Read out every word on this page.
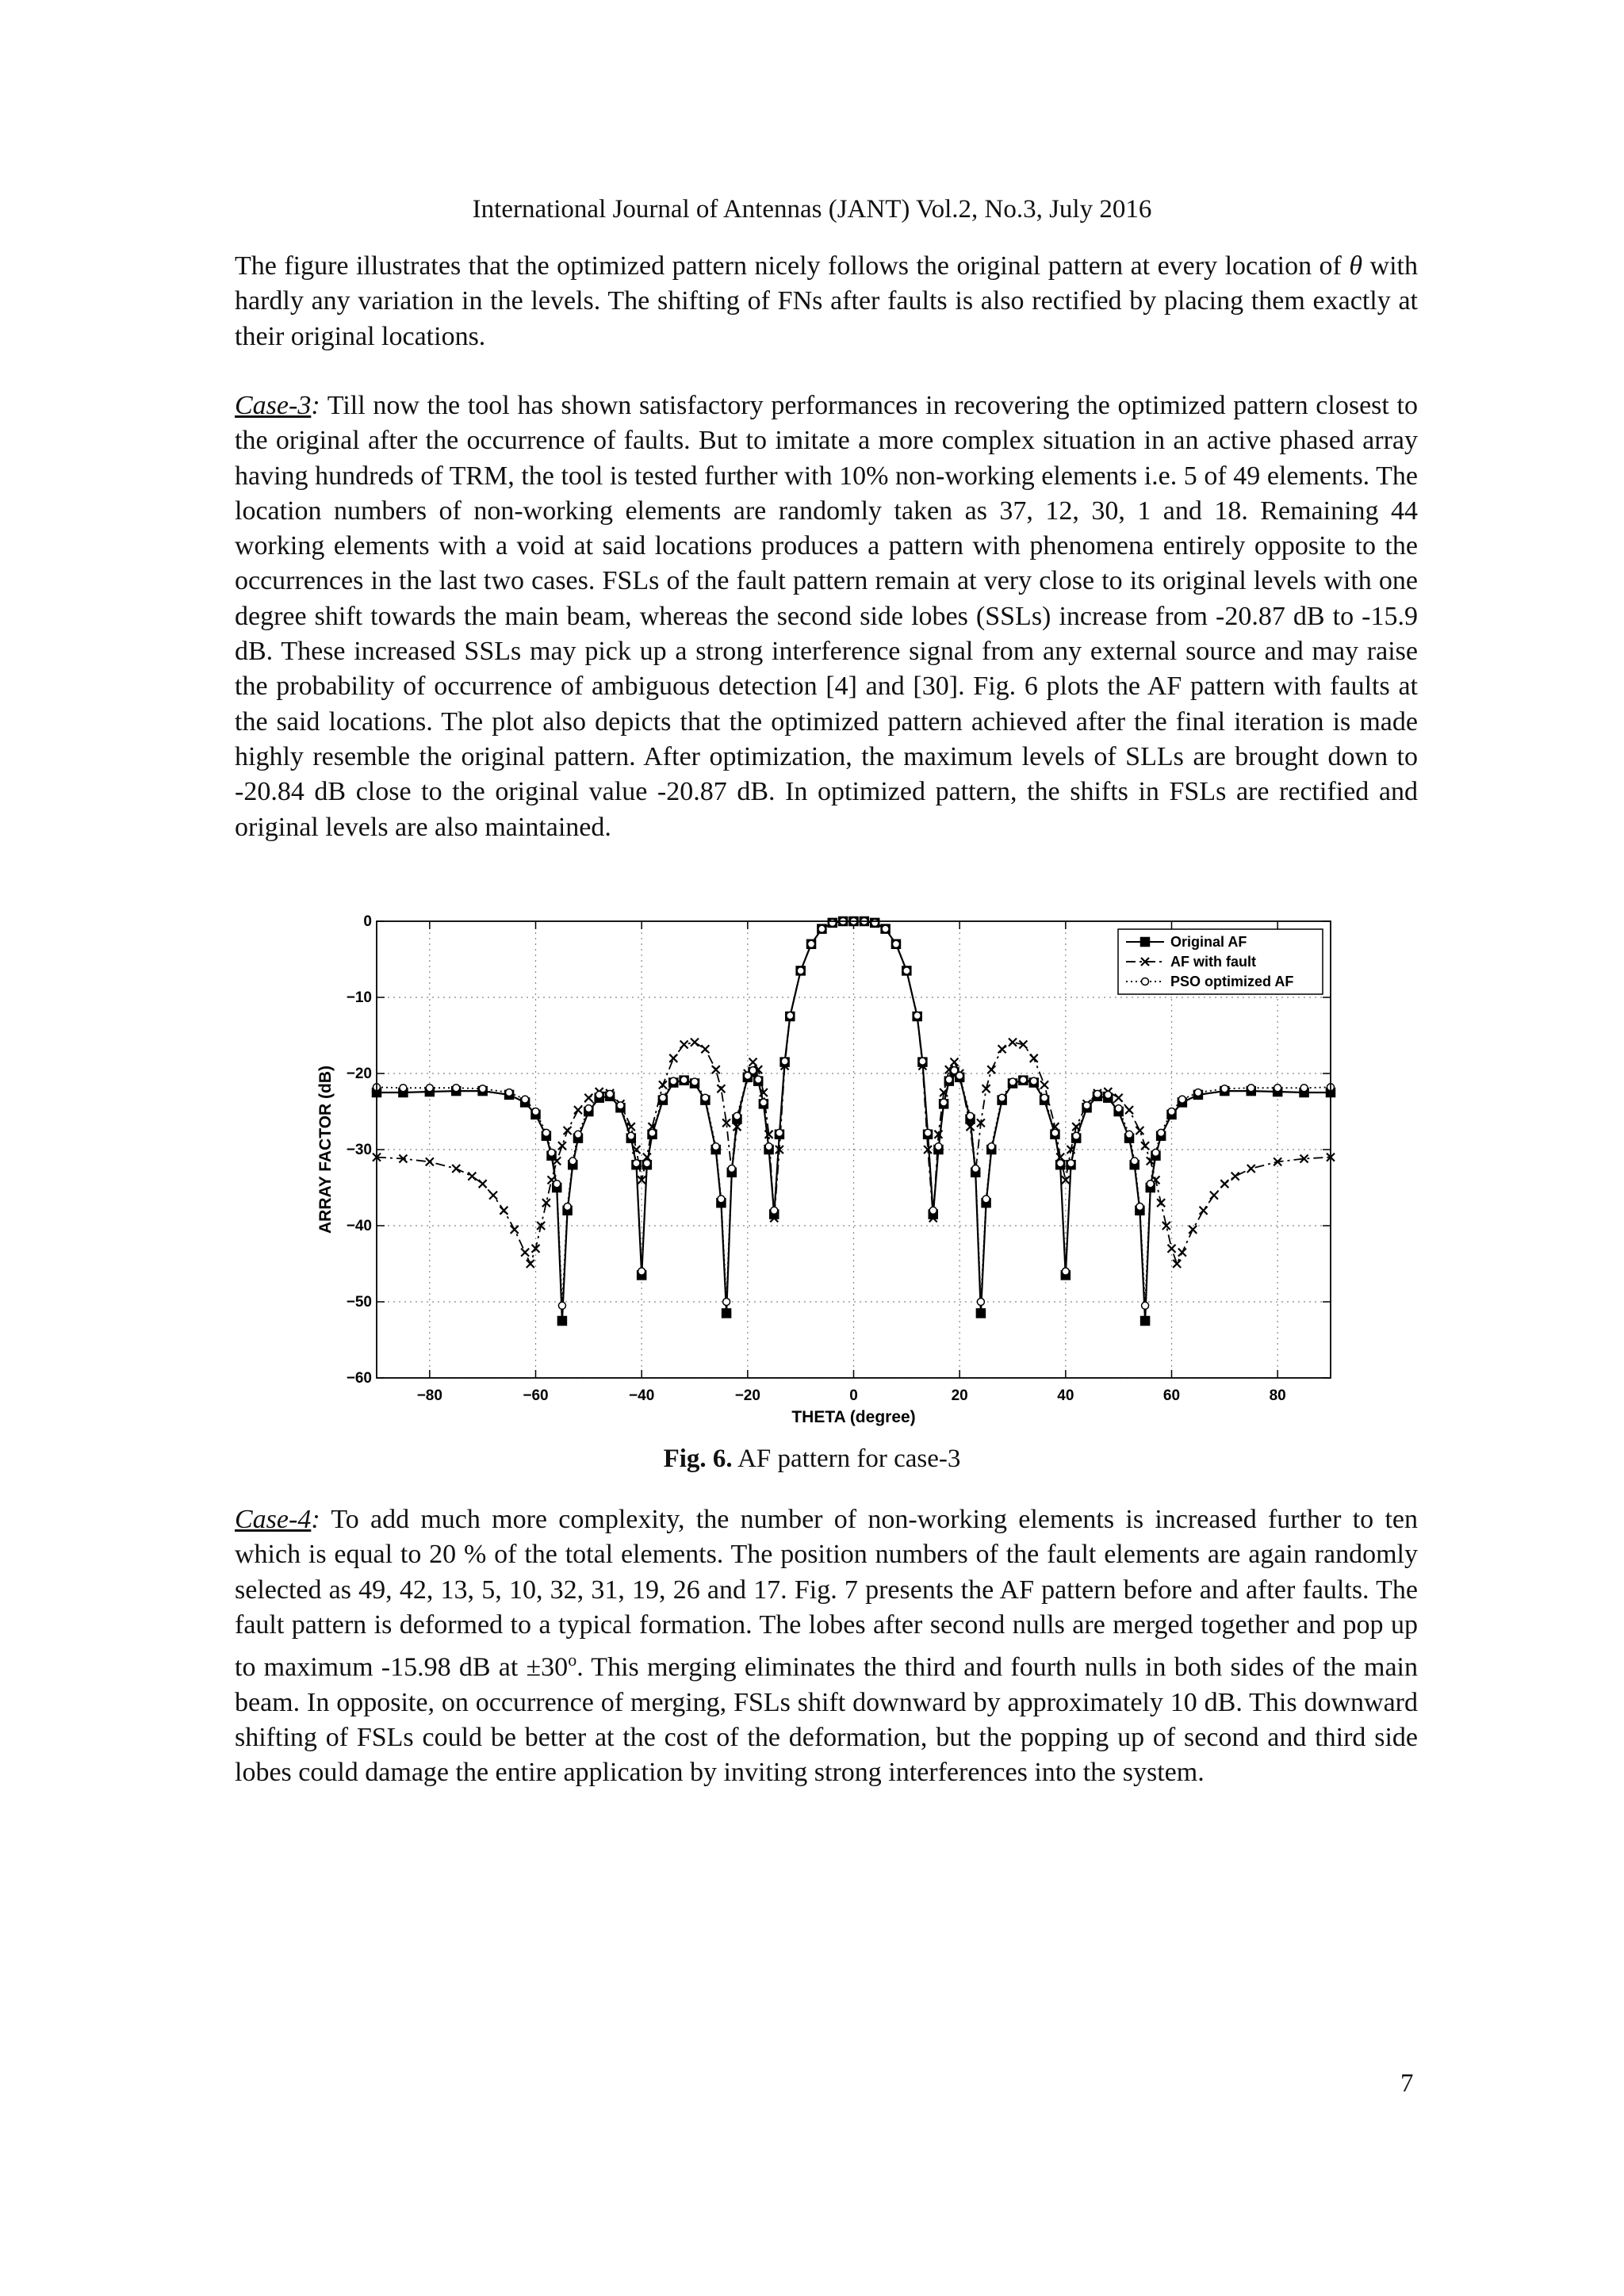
International Journal of Antennas (JANT) Vol.2, No.3, July 2016

The figure illustrates that the optimized pattern nicely follows the original pattern at every location of θ with hardly any variation in the levels. The shifting of FNs after faults is also rectified by placing them exactly at their original locations.

Case-3: Till now the tool has shown satisfactory performances in recovering the optimized pattern closest to the original after the occurrence of faults. But to imitate a more complex situation in an active phased array having hundreds of TRM, the tool is tested further with 10% non-working elements i.e. 5 of 49 elements. The location numbers of non-working elements are randomly taken as 37, 12, 30, 1 and 18. Remaining 44 working elements with a void at said locations produces a pattern with phenomena entirely opposite to the occurrences in the last two cases. FSLs of the fault pattern remain at very close to its original levels with one degree shift towards the main beam, whereas the second side lobes (SSLs) increase from -20.87 dB to -15.9 dB. These increased SSLs may pick up a strong interference signal from any external source and may raise the probability of occurrence of ambiguous detection [4] and [30]. Fig. 6 plots the AF pattern with faults at the said locations. The plot also depicts that the optimized pattern achieved after the final iteration is made highly resemble the original pattern. After optimization, the maximum levels of SLLs are brought down to -20.84 dB close to the original value -20.87 dB. In optimized pattern, the shifts in FSLs are rectified and original levels are also maintained.

−80	−60	−40	−20	0	20	40	60	80
0
−10
−20
−30
−40
−50
−60
THETA (degree)
ARRAY FACTOR (dB)
Original AF
AF with fault
PSO optimized AF
Fig. 6. AF pattern for case-3

Case-4: To add much more complexity, the number of non-working elements is increased further to ten which is equal to 20 % of the total elements. The position numbers of the fault elements are again randomly selected as 49, 42, 13, 5, 10, 32, 31, 19, 26 and 17. Fig. 7 presents the AF pattern before and after faults. The fault pattern is deformed to a typical formation. The lobes after second nulls are merged together and pop up to maximum -15.98 dB at $\pm 30^o$. This merging eliminates the third and fourth nulls in both sides of the main beam. In opposite, on occurrence of merging, FSLs shift downward by approximately 10 dB. This downward shifting of FSLs could be better at the cost of the deformation, but the popping up of second and third side lobes could damage the entire application by inviting strong interferences into the system.

7
